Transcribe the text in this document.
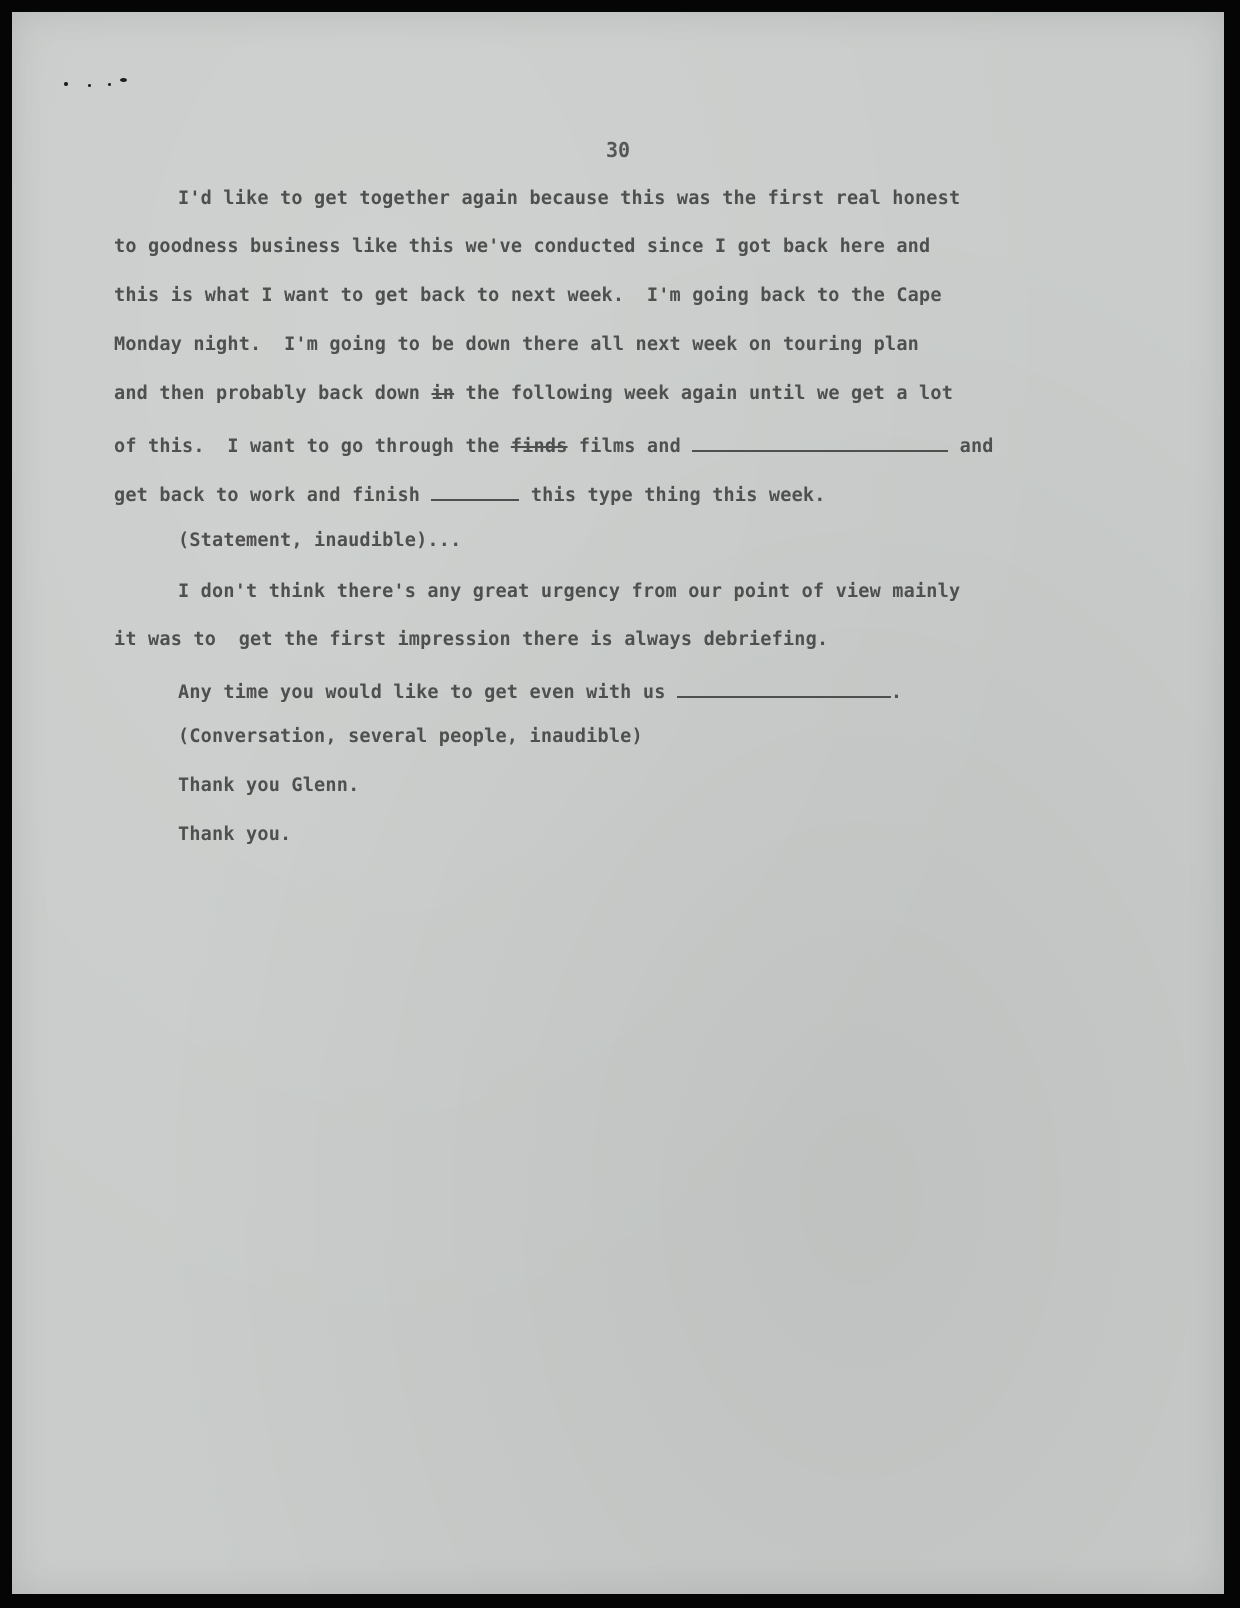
30
I'd like to get together again because this was the first real honest
to goodness business like this we've conducted since I got back here and
this is what I want to get back to next week.  I'm going back to the Cape
Monday night.  I'm going to be down there all next week on touring plan
and then probably back down in the following week again until we get a lot
of this.  I want to go through the finds films and	and
get back to work and finish	this type thing this week.
(Statement, inaudible)...
I don't think there's any great urgency from our point of view mainly
it was to  get the first impression there is always debriefing.
Any time you would like to get even with us	.
(Conversation, several people, inaudible)
Thank you Glenn.
Thank you.
